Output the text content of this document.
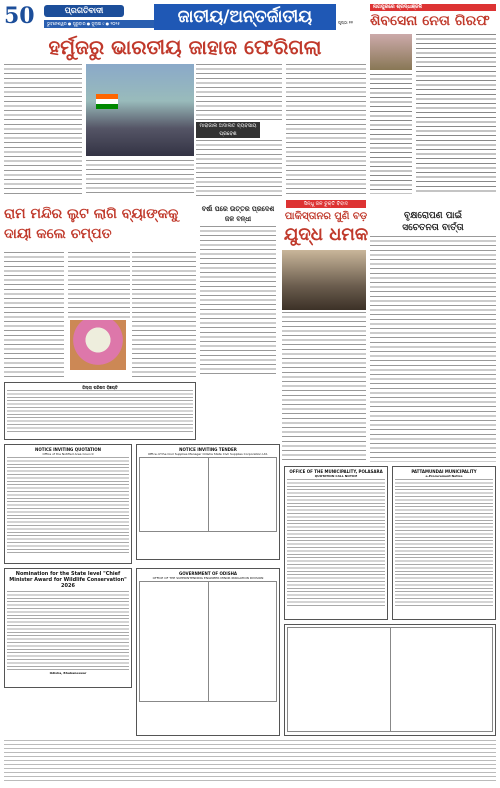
50	ପ୍ରଗତିବାଦୀ
ଭୁବନେଶ୍ୱର ● ଗୁରୁବାର ● ଜୁଲାଇ ୯ ● ୨୦୨୫	ଜାତୀୟ/ଅନ୍ତର୍ଜାତୀୟ	ପୃଷ୍ଠା ୧୧
ନାଗପୁରରେ ଶ୍ରଦ୍ଧାଞ୍ଜଳି
ଶିବସେନା ନେତା ଗିରଫ
ହର୍ମୁଜରୁ ଭାରତୀୟ ଜାହାଜ ଫେରିଗଲା
ମାରାଜାଲ ଅଦାଲତ ବ୍ୟବସାୟ ପ୍ରବେଶ
ରାମ ମନ୍ଦିର ଲୁଟ ଲାଗି ବ୍ୟାଙ୍କକୁ ଦାୟୀ କଲେ ଚମ୍ପତ
ବର୍ଷା ପରେ ଉତ୍ତର ପ୍ରଦେଶ ଜଳ ବନ୍ଧୀ
ସିନ୍ଧୁ ଜଳ ଚୁକ୍ତି ବିବାଦ
ପାକିସ୍ତାନର ପୁଣି ବଡ଼
ଯୁଦ୍ଧ ଧମକ
ବୃକ୍ଷରୋପଣ ପାଇଁ
ସଚେତନତା ବାର୍ତ୍ତା
ଜିଲ୍ଲା ପରିଷଦ ବିଜ୍ଞପ୍ତି
NOTICE INVITING QUOTATION
Office of the Notified Area Council
Nomination for the State level "Chief Minister Award for Wildlife Conservation" 2026
Odisha, Bhubaneswar
NOTICE INVITING TENDER
Office of the Civil Supplies Manager Odisha State Civil Supplies Corporation Ltd.

GOVERNMENT OF ODISHA
OFFICE OF THE SUPERINTENDING ENGINEER MINOR IRRIGATION DIVISION

OFFICE OF THE MUNICIPALITY, POLASARA
QUOTATION CALL NOTICE
PATTAMUNDAI MUNICIPALITY
e-Procurement Notice
